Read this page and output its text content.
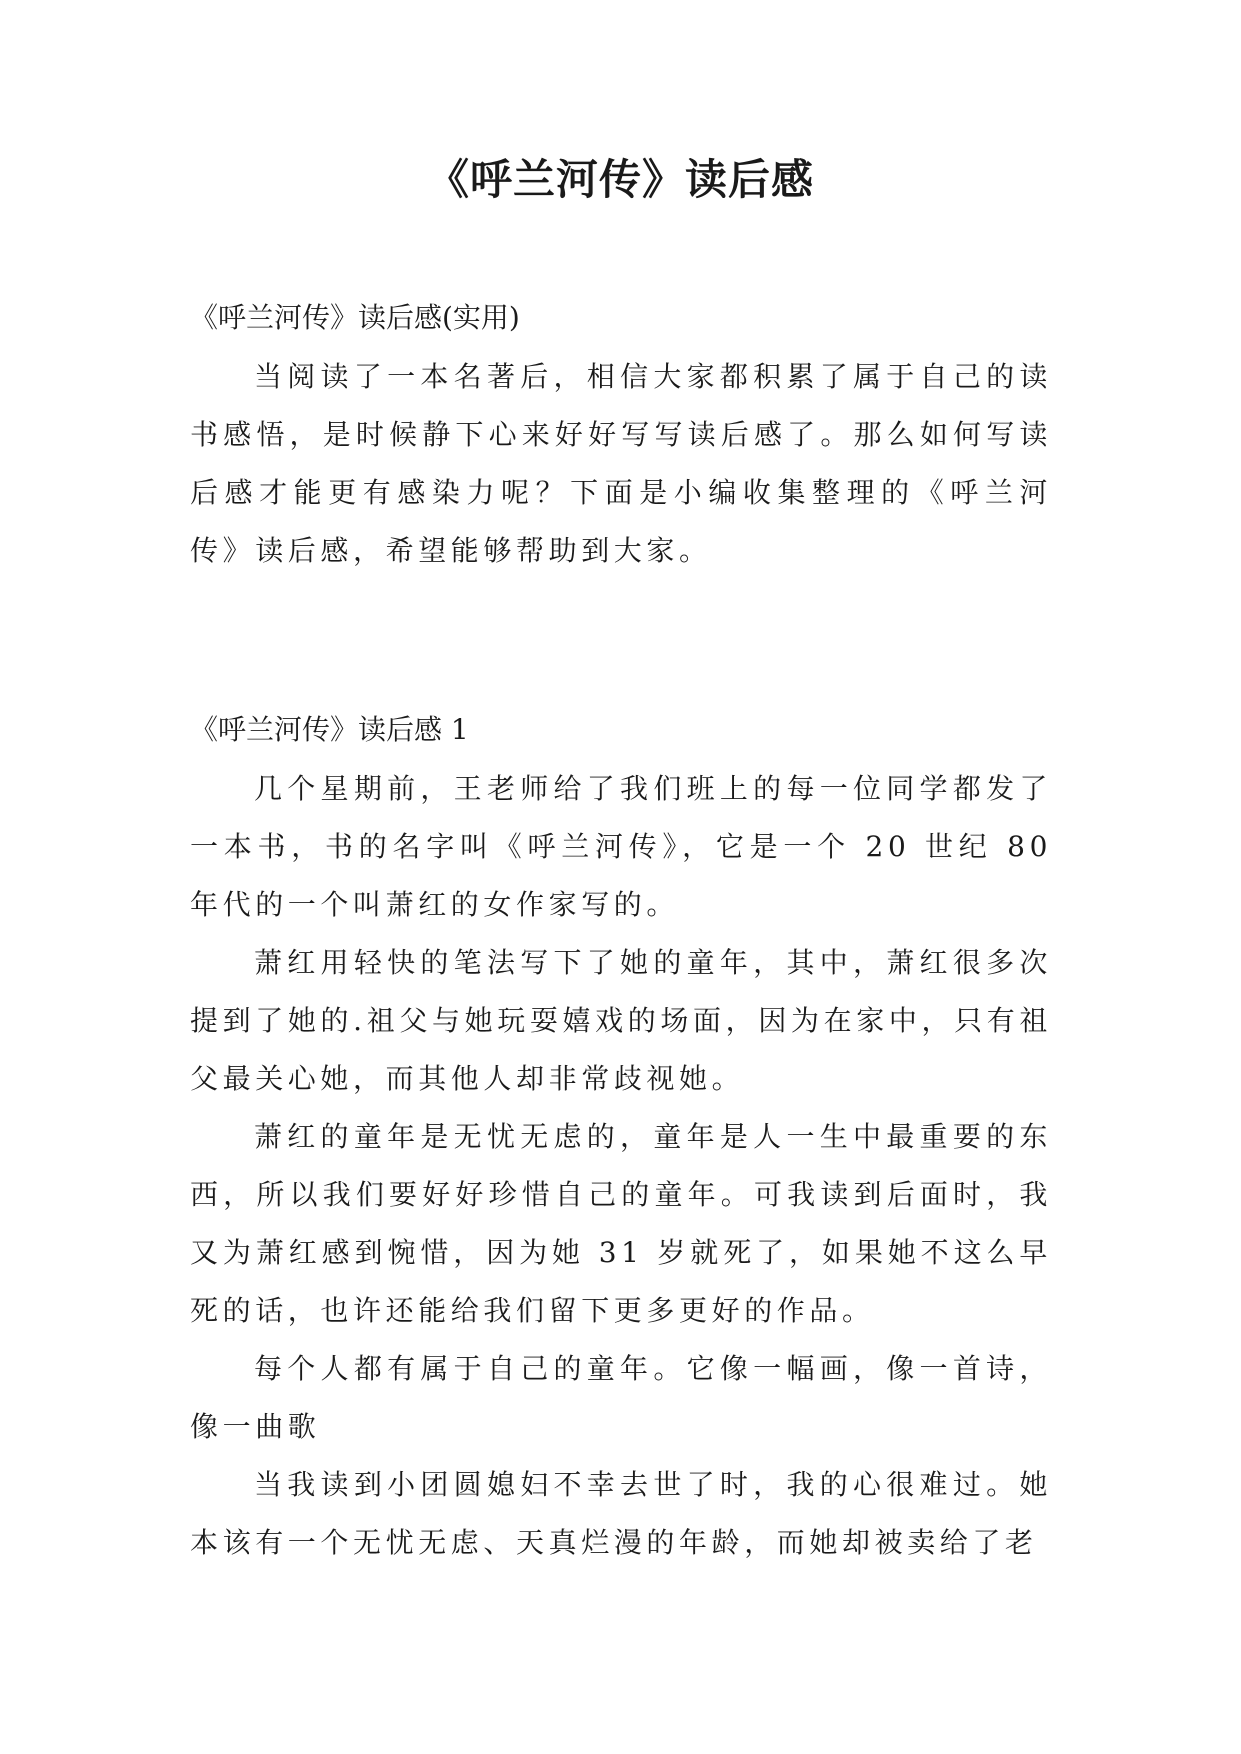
《呼兰河传》读后感

《呼兰河传》读后感(实用)

当阅读了一本名著后，相信大家都积累了属于自己的读书感悟，是时候静下心来好好写写读后感了。那么如何写读后感才能更有感染力呢？下面是小编收集整理的《呼兰河传》读后感，希望能够帮助到大家。

《呼兰河传》读后感 1

几个星期前，王老师给了我们班上的每一位同学都发了一本书，书的名字叫《呼兰河传》，它是一个 20 世纪 80 年代的一个叫萧红的女作家写的。

萧红用轻快的笔法写下了她的童年，其中，萧红很多次提到了她的.祖父与她玩耍嬉戏的场面，因为在家中，只有祖父最关心她，而其他人却非常歧视她。

萧红的童年是无忧无虑的，童年是人一生中最重要的东西，所以我们要好好珍惜自己的童年。可我读到后面时，我又为萧红感到惋惜，因为她 31 岁就死了，如果她不这么早死的话，也许还能给我们留下更多更好的作品。

每个人都有属于自己的童年。它像一幅画，像一首诗，像一曲歌

当我读到小团圆媳妇不幸去世了时，我的心很难过。她本该有一个无忧无虑、天真烂漫的年龄，而她却被卖给了老
